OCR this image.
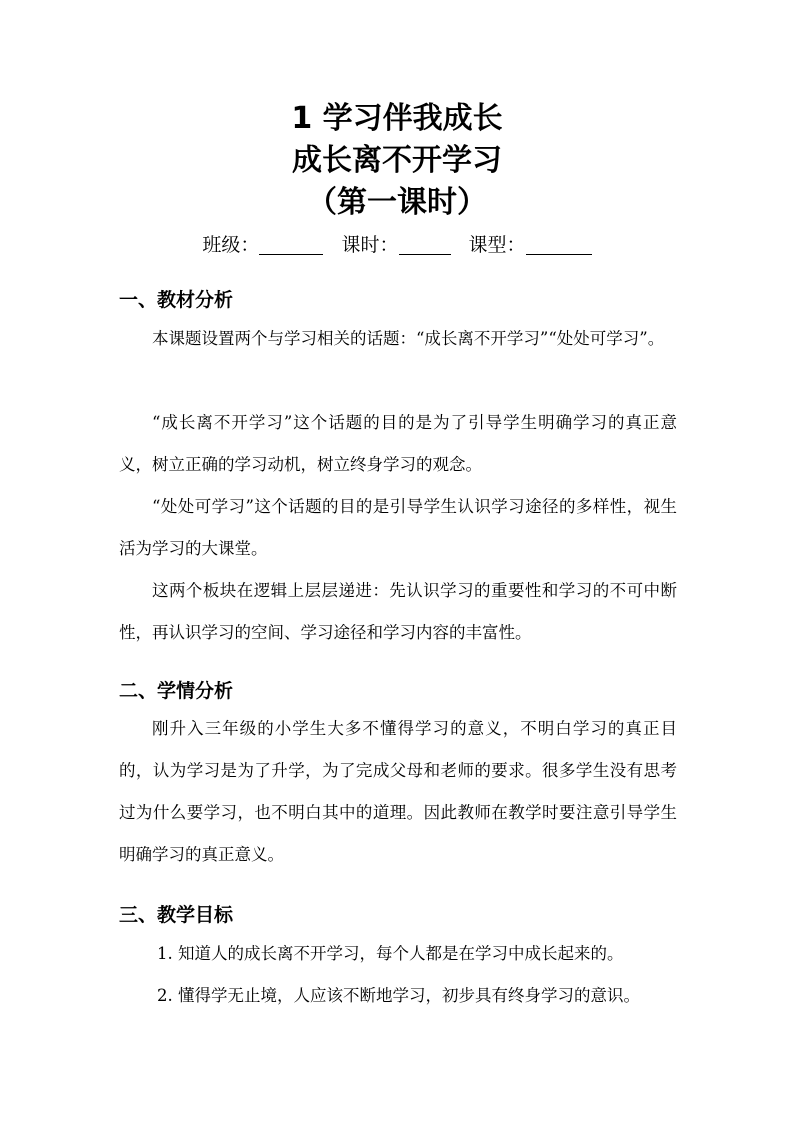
1 学习伴我成长
成长离不开学习
（第一课时）
班级：	课时：	课型：
一、教材分析

本课题设置两个与学习相关的话题：“成长离不开学习”“处处可学习”。

“成长离不开学习”这个话题的目的是为了引导学生明确学习的真正意义，树立正确的学习动机，树立终身学习的观念。

“处处可学习”这个话题的目的是引导学生认识学习途径的多样性，视生活为学习的大课堂。

这两个板块在逻辑上层层递进：先认识学习的重要性和学习的不可中断性，再认识学习的空间、学习途径和学习内容的丰富性。

二、学情分析

刚升入三年级的小学生大多不懂得学习的意义，不明白学习的真正目的，认为学习是为了升学，为了完成父母和老师的要求。很多学生没有思考过为什么要学习，也不明白其中的道理。因此教师在教学时要注意引导学生明确学习的真正意义。

三、教学目标

1. 知道人的成长离不开学习，每个人都是在学习中成长起来的。

2. 懂得学无止境，人应该不断地学习，初步具有终身学习的意识。
